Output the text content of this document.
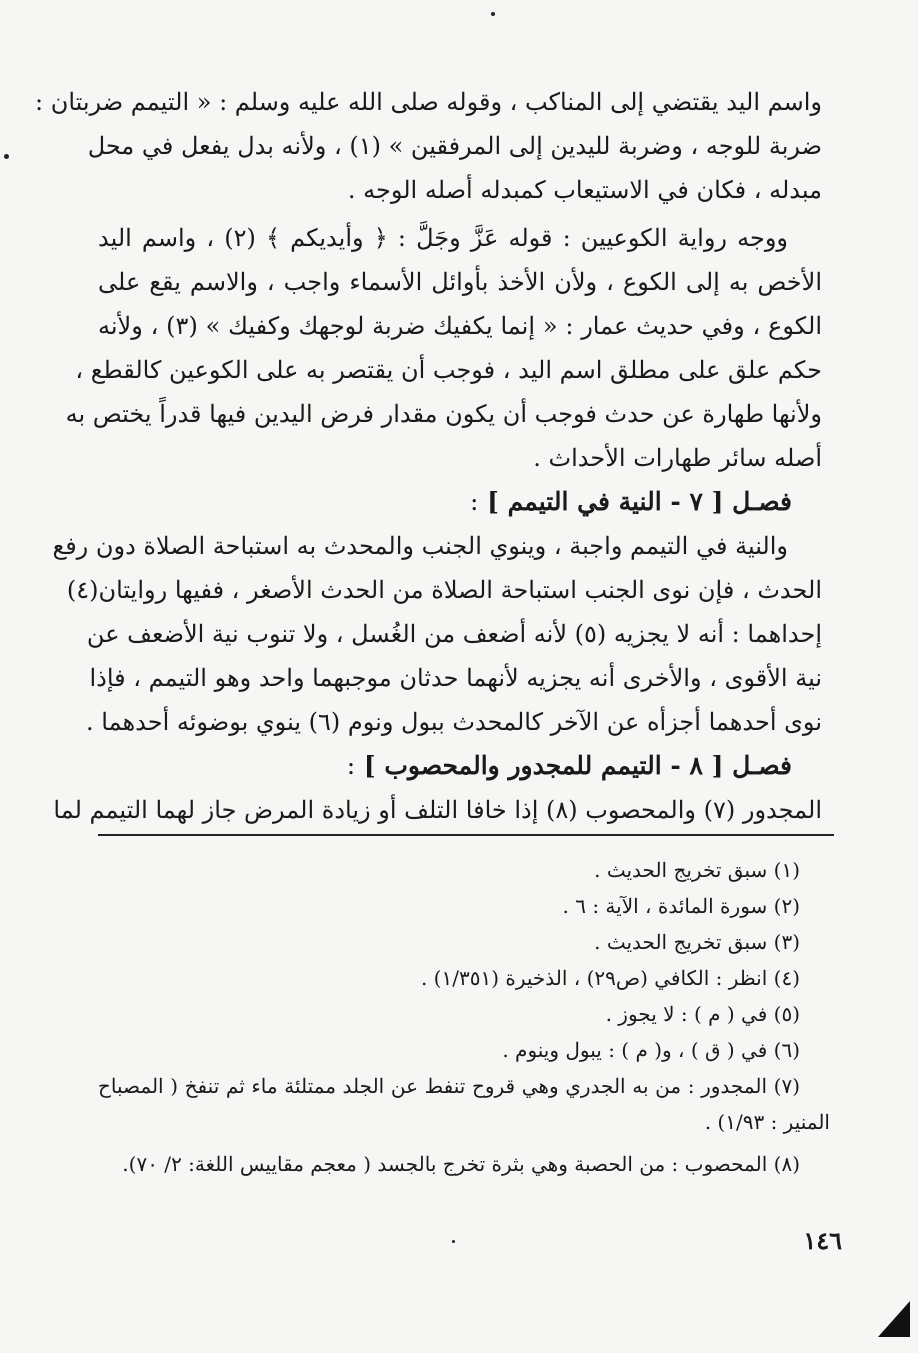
واسم اليد يقتضي إلى المناكب ، وقوله صلى الله عليه وسلم : « التيمم ضربتان :
ضربة للوجه ، وضربة لليدين إلى المرفقين » (١) ، ولأنه بدل يفعل في محل
مبدله ، فكان في الاستيعاب كمبدله أصله الوجه .
ووجه رواية الكوعيين : قوله عَزَّ وجَلَّ : ﴿ وأيديكم ﴾ (٢) ، واسم اليد
الأخص به إلى الكوع ، ولأن الأخذ بأوائل الأسماء واجب ، والاسم يقع على
الكوع ، وفي حديث عمار : « إنما يكفيك ضربة لوجهك وكفيك » (٣) ، ولأنه
حكم علق على مطلق اسم اليد ، فوجب أن يقتصر به على الكوعين كالقطع ،
ولأنها طهارة عن حدث فوجب أن يكون مقدار فرض اليدين فيها قدراً يختص به
أصله سائر طهارات الأحداث .
فصـل [ ٧ - النية في التيمم ] :
والنية في التيمم واجبة ، وينوي الجنب والمحدث به استباحة الصلاة دون رفع
الحدث ، فإن نوى الجنب استباحة الصلاة من الحدث الأصغر ، ففيها روايتان(٤)
إحداهما : أنه لا يجزيه (٥) لأنه أضعف من الغُسل ، ولا تنوب نية الأضعف عن
نية الأقوى ، والأخرى أنه يجزيه لأنهما حدثان موجبهما واحد وهو التيمم ، فإذا
نوى أحدهما أجزأه عن الآخر كالمحدث ببول ونوم (٦) ينوي بوضوئه أحدهما .
فصـل [ ٨ - التيمم للمجدور والمحصوب ] :
المجدور (٧) والمحصوب (٨) إذا خافا التلف أو زيادة المرض جاز لهما التيمم لما
(١) سبق تخريج الحديث .
(٢) سورة المائدة ، الآية : ٦ .
(٣) سبق تخريج الحديث .
(٤) انظر : الكافي (ص٢٩) ، الذخيرة (١/٣٥١) .
(٥) في ( م ) : لا يجوز .
(٦) في ( ق ) ، و( م ) : يبول وينوم .
(٧) المجدور : من به الجدري وهي قروح تنفط عن الجلد ممتلئة ماء ثم تنفخ ( المصباح
المنير : ١/٩٣) .
(٨) المحصوب : من الحصبة وهي بثرة تخرج بالجسد ( معجم مقاييس اللغة: ٢/ ٧٠).
١٤٦
